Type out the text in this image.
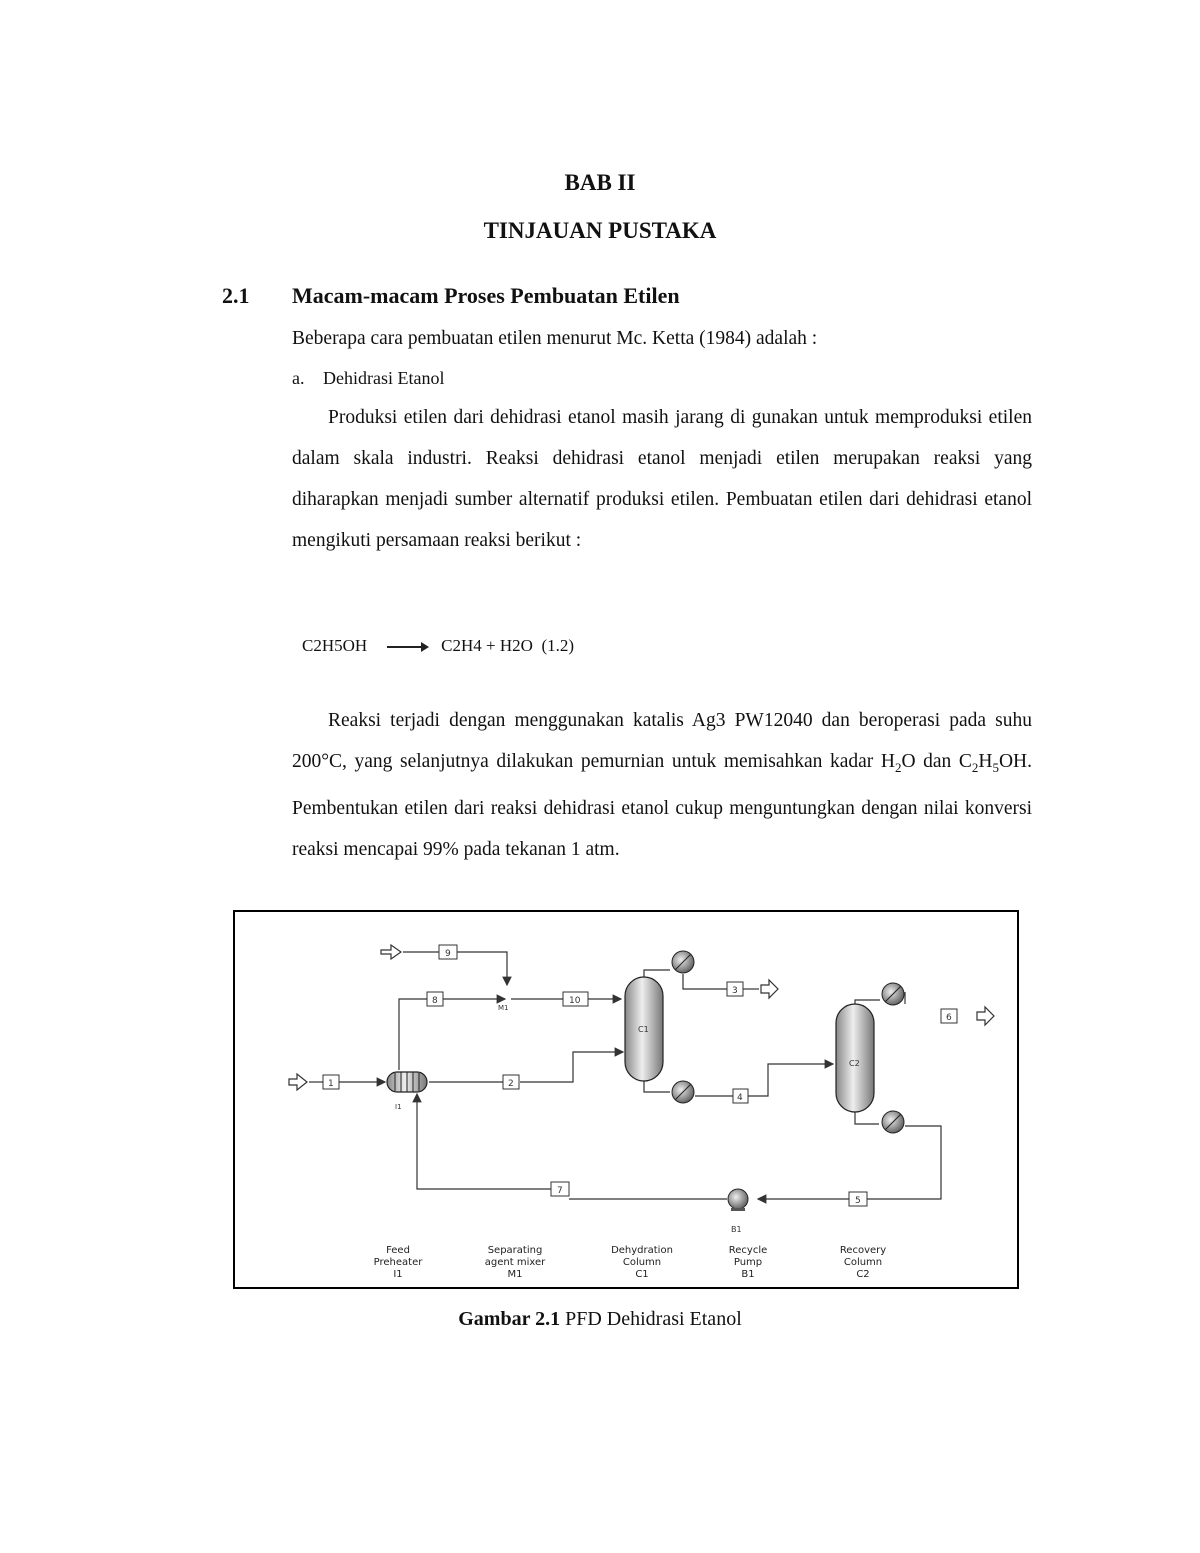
BAB II
TINJAUAN PUSTAKA
2.1 Macam-macam Proses Pembuatan Etilen
Beberapa cara pembuatan etilen menurut Mc. Ketta (1984) adalah :
a. Dehidrasi Etanol
Produksi etilen dari dehidrasi etanol masih jarang di gunakan untuk memproduksi etilen dalam skala industri. Reaksi dehidrasi etanol menjadi etilen merupakan reaksi yang diharapkan menjadi sumber alternatif produksi etilen. Pembuatan etilen dari dehidrasi etanol mengikuti persamaan reaksi berikut :
C2H5OH → C2H4 + H2O (1.2)
Reaksi terjadi dengan menggunakan katalis Ag3 PW12040 dan beroperasi pada suhu 200°C, yang selanjutnya dilakukan pemurnian untuk memisahkan kadar $H_2O$ dan $C_2H_5OH$. Pembentukan etilen dari reaksi dehidrasi etanol cukup menguntungkan dengan nilai konversi reaksi mencapai 99% pada tekanan 1 atm.
1	2
8
9
10
3
4
5
6
7
I1
M1
C1
C2
B1
Feed
Preheater
I1
Separating
agent mixer
M1
Dehydration
Column
C1
Recycle
Pump
B1
Recovery
Column
C2
Gambar 2.1 PFD Dehidrasi Etanol
